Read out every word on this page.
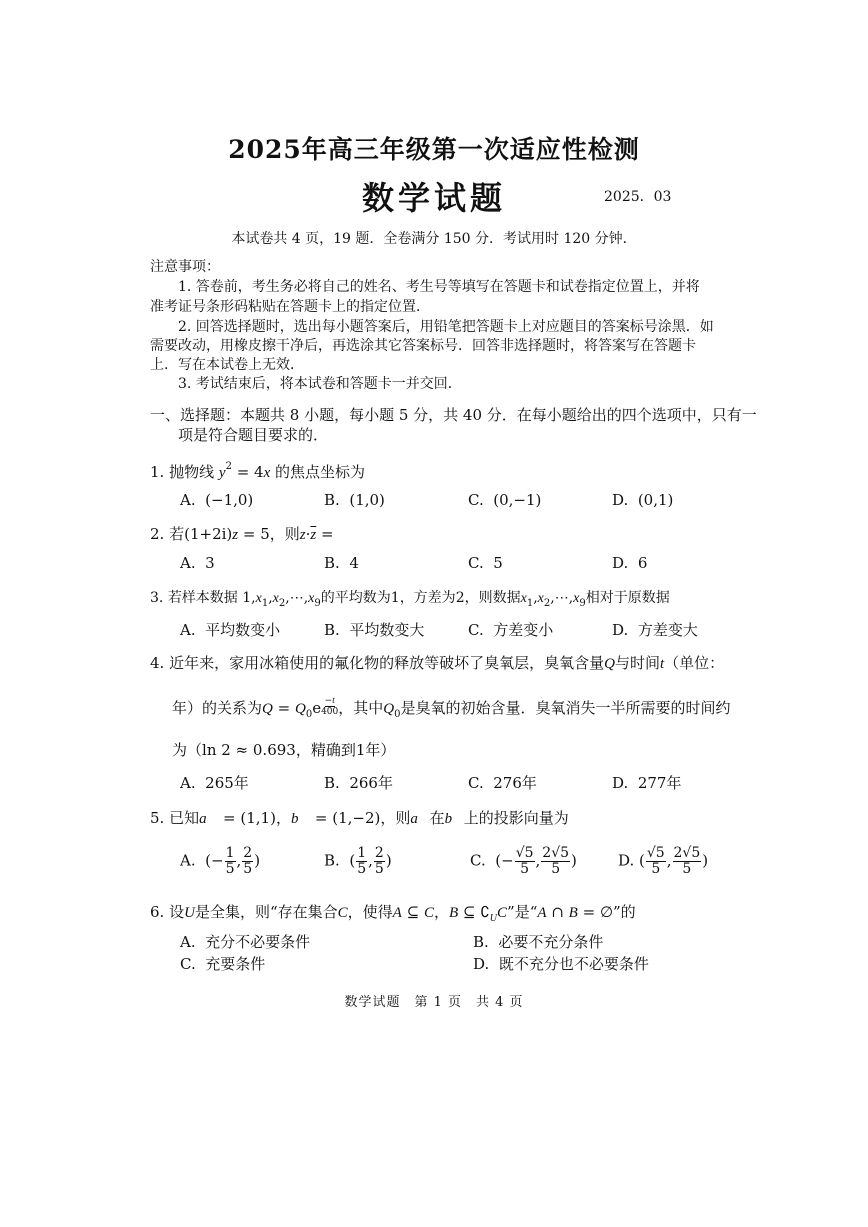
2025年高三年级第一次适应性检测
数学试题	2025．03
本试卷共 4 页，19 题．全卷满分 150 分．考试用时 120 分钟．
注意事项：
1. 答卷前，考生务必将自己的姓名、考生号等填写在答题卡和试卷指定位置上，并将
准考证号条形码粘贴在答题卡上的指定位置．
2. 回答选择题时，选出每小题答案后，用铅笔把答题卡上对应题目的答案标号涂黑．如
需要改动，用橡皮擦干净后，再选涂其它答案标号．回答非选择题时，将答案写在答题卡
上．写在本试卷上无效．
3. 考试结束后，将本试卷和答题卡一并交回．
一、选择题：本题共 8 小题，每小题 5 分，共 40 分．在每小题给出的四个选项中，只有一
项是符合题目要求的．
1. 抛物线 $y^2 = 4x$ 的焦点坐标为
A. (−1,0)	B. (1,0)	C. (0,−1)	D. (0,1)
2. 若(1+2i)z = 5，则$z\cdot\overline{z}$ =
A. 3	B. 4	C. 5	D. 6
3. 若样本数据 $1,x_1,x_2,\cdots,x_9$的平均数为1，方差为2，则数据$x_1,x_2,\cdots,x_9$相对于原数据
A. 平均数变小	B. 平均数变大	C. 方差变小	D. 方差变大
4. 近年来，家用冰箱使用的氟化物的释放等破坏了臭氧层，臭氧含量Q与时间t（单位：
年）的关系为$Q = Q_0e \frac{-t}{400}$ ，其中$Q_0$是臭氧的初始含量．臭氧消失一半所需要的时间约
为（ln 2 ≈ 0.693，精确到1年）
A. 265年	B. 266年	C. 276年	D. 277年
5. 已知a⃗ = (1,1)，b⃗ = (1,−2)，则a⃗在b⃗上的投影向量为
A.  (− $\frac{1}{5}$ , $\frac{2}{5}$ )	B.  ( $\frac{1}{5}$ , $\frac{2}{5}$ )	C.  (− $\frac{√5}{5}$ , $\frac{2√5}{5}$ )	D. ( $\frac{√5}{5}$ , $\frac{2√5}{5}$ )
6. 设U是全集，则“存在集合C，使得A ⊆ C，B ⊆ $∁_UC$”是“A ∩ B = ∅”的
A. 充分不必要条件	B. 必要不充分条件
C. 充要条件	D. 既不充分也不必要条件
数学试题　第 1 页　共 4 页
